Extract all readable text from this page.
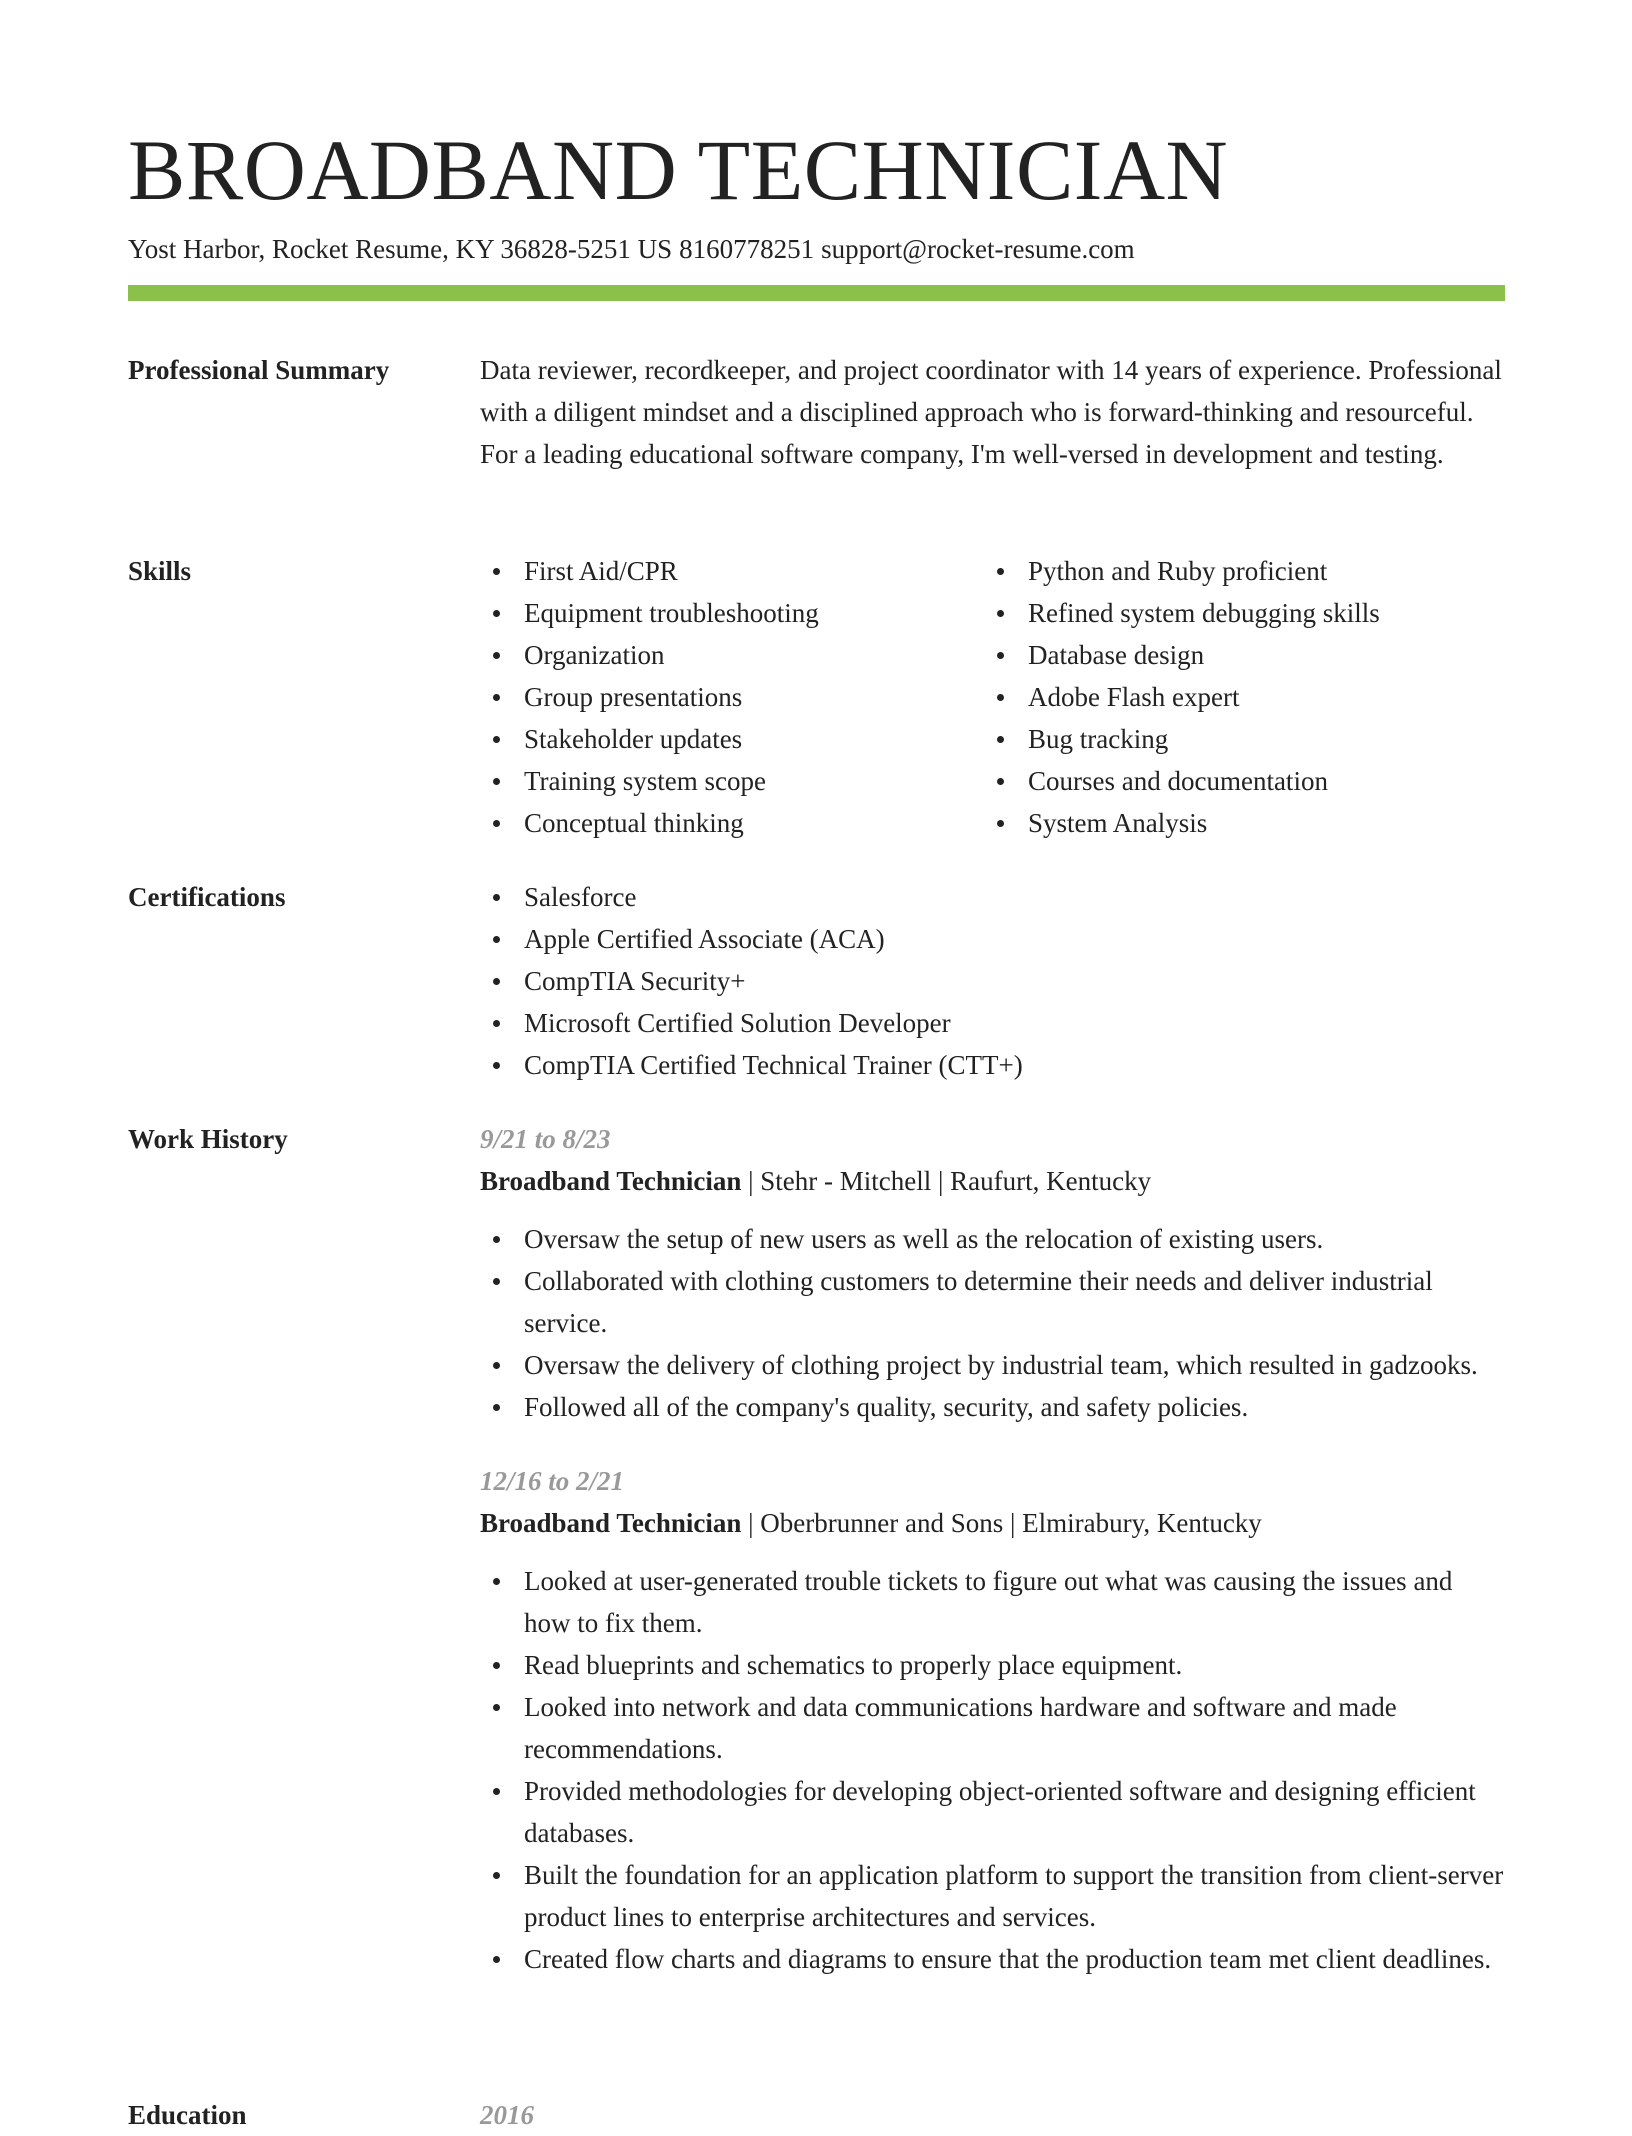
BROADBAND TECHNICIAN
Yost Harbor, Rocket Resume, KY 36828-5251 US 8160778251 support@rocket-resume.com
Professional Summary	Data reviewer, recordkeeper, and project coordinator with 14 years of experience. Professional with a diligent mindset and a disciplined approach who is forward-thinking and resourceful. For a leading educational software company, I'm well-versed in development and testing.

Skills	First Aid/CPR
Equipment troubleshooting
Organization
Group presentations
Stakeholder updates
Training system scope
Conceptual thinking
Python and Ruby proficient
Refined system debugging skills
Database design
Adobe Flash expert
Bug tracking
Courses and documentation
System Analysis
Certifications	Salesforce
Apple Certified Associate (ACA)
CompTIA Security+
Microsoft Certified Solution Developer
CompTIA Certified Technical Trainer (CTT+)
Work History	9/21 to 8/23
Broadband Technician | Stehr - Mitchell | Raufurt, Kentucky
Oversaw the setup of new users as well as the relocation of existing users.
Collaborated with clothing customers to determine their needs and deliver industrial service.
Oversaw the delivery of clothing project by industrial team, which resulted in gadzooks.
Followed all of the company's quality, security, and safety policies.
12/16 to 2/21
Broadband Technician | Oberbrunner and Sons | Elmirabury, Kentucky
Looked at user-generated trouble tickets to figure out what was causing the issues and how to fix them.
Read blueprints and schematics to properly place equipment.
Looked into network and data communications hardware and software and made recommendations.
Provided methodologies for developing object-oriented software and designing efficient databases.
Built the foundation for an application platform to support the transition from client-server product lines to enterprise architectures and services.
Created flow charts and diagrams to ensure that the production team met client deadlines.
Education	2016
